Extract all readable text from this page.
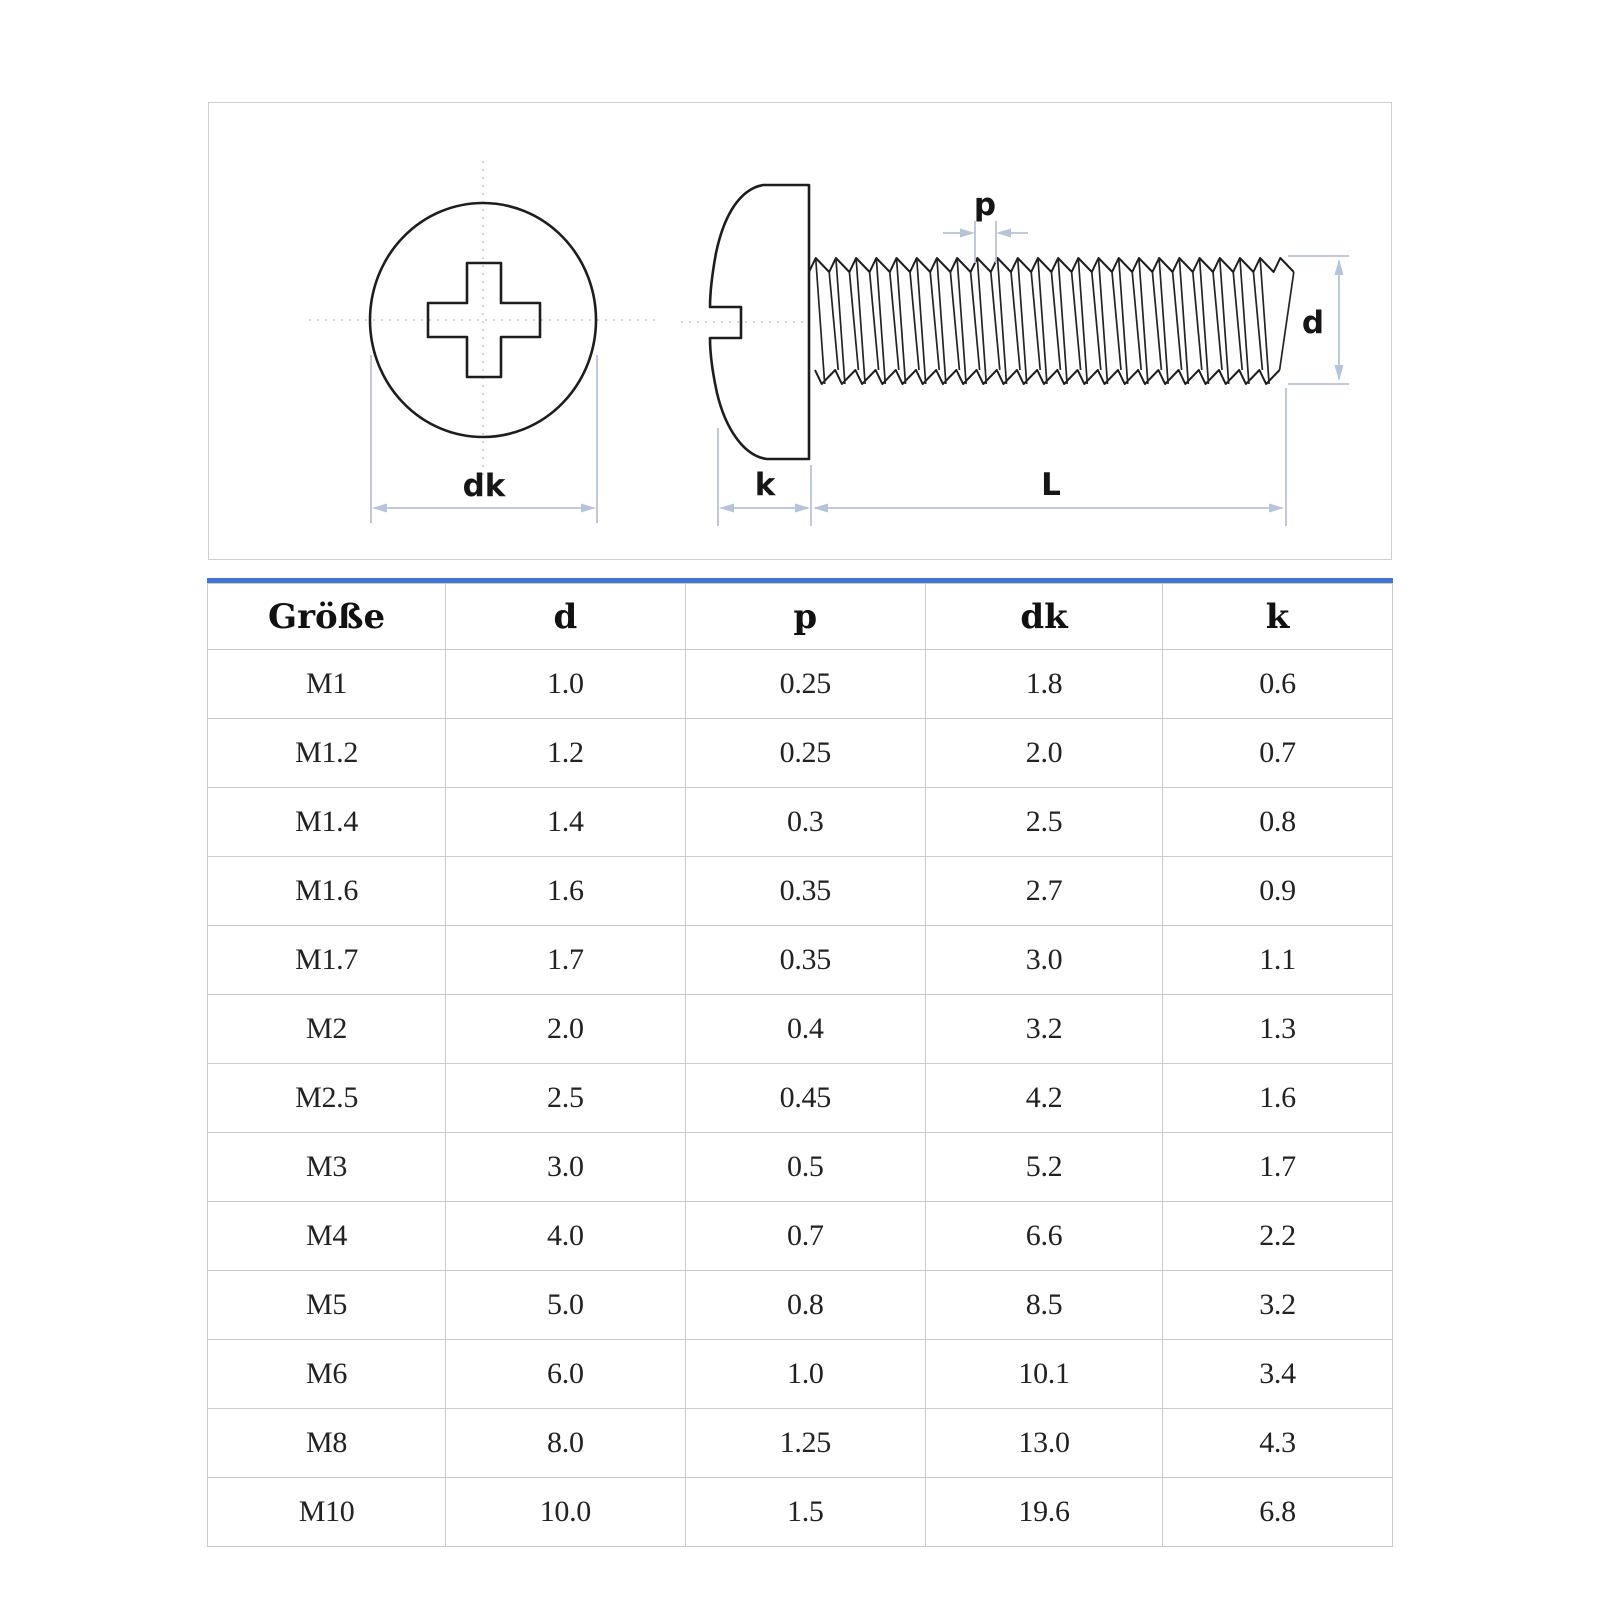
dk
p
d
k	L
Größe	d	p	dk	k
M1	1.0	0.25	1.8	0.6
M1.2	1.2	0.25	2.0	0.7
M1.4	1.4	0.3	2.5	0.8
M1.6	1.6	0.35	2.7	0.9
M1.7	1.7	0.35	3.0	1.1
M2	2.0	0.4	3.2	1.3
M2.5	2.5	0.45	4.2	1.6
M3	3.0	0.5	5.2	1.7
M4	4.0	0.7	6.6	2.2
M5	5.0	0.8	8.5	3.2
M6	6.0	1.0	10.1	3.4
M8	8.0	1.25	13.0	4.3
M10	10.0	1.5	19.6	6.8
